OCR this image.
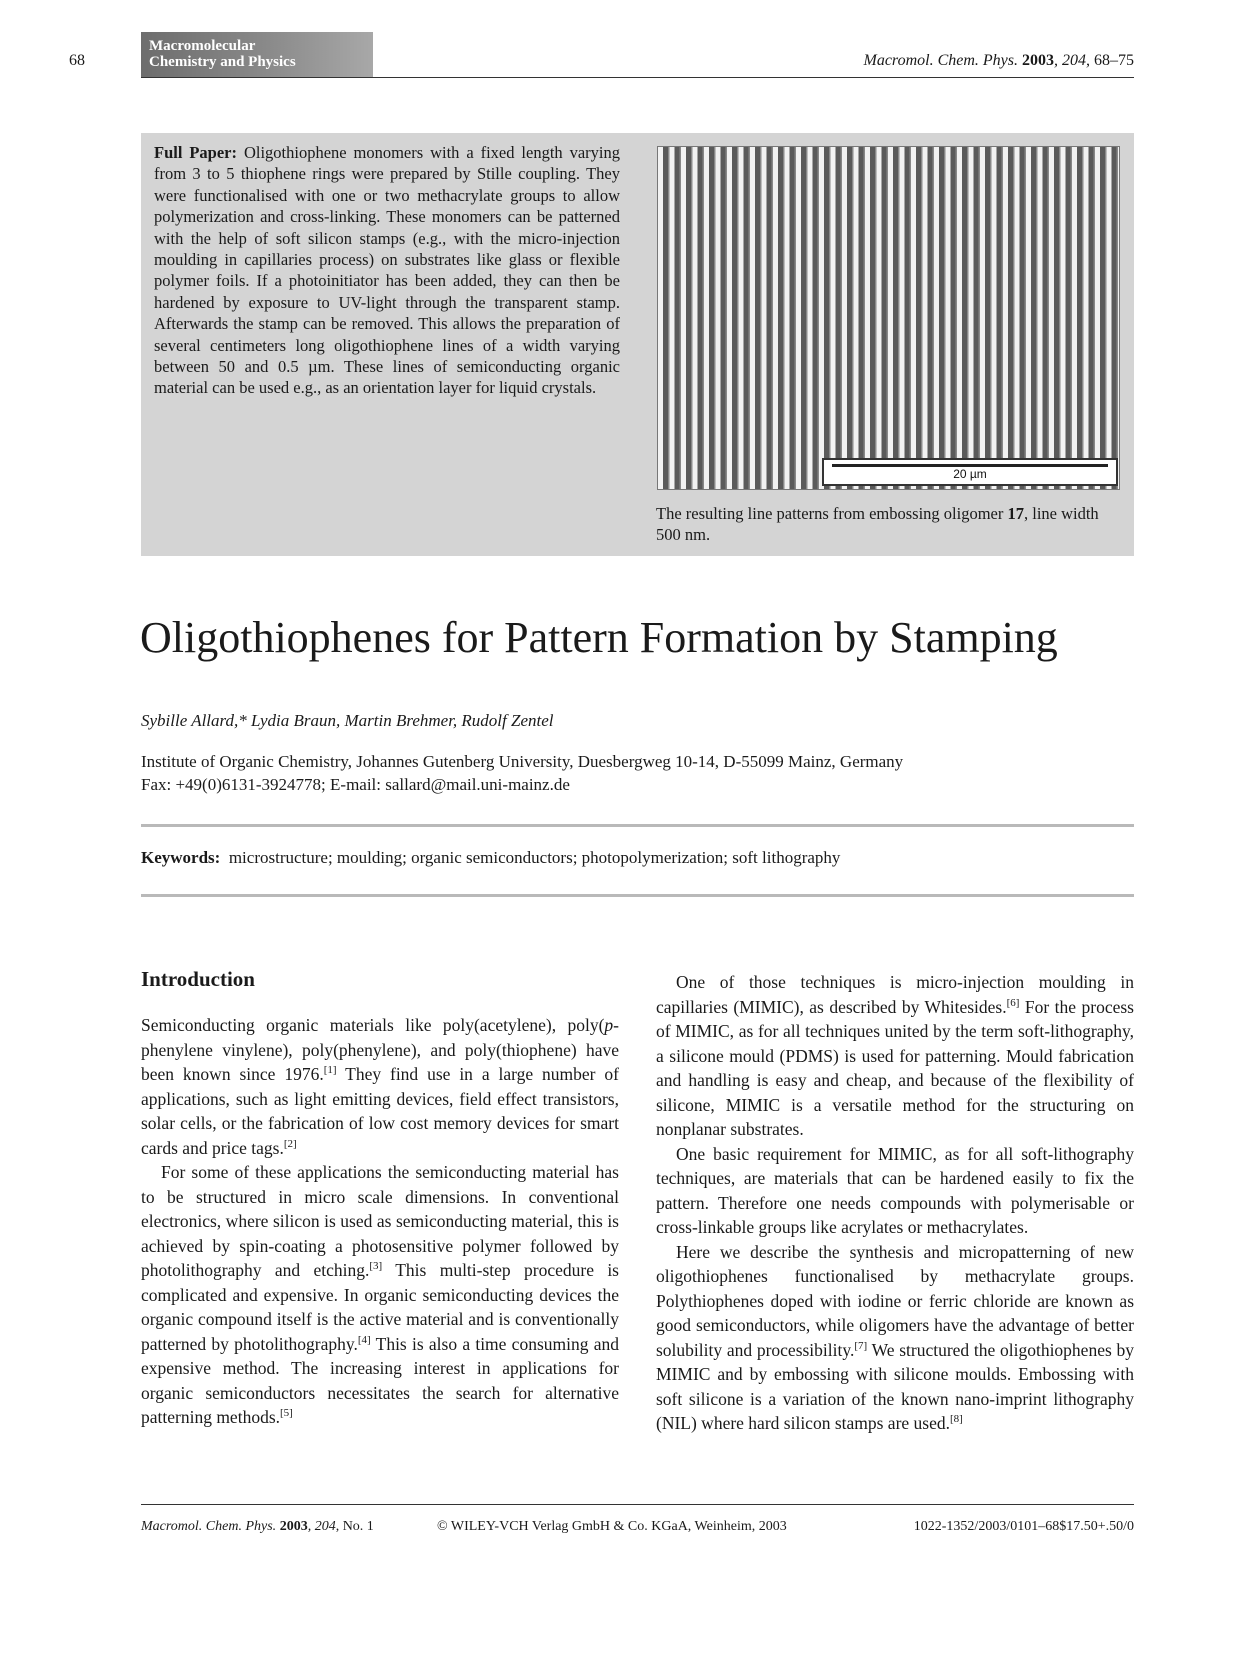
68
Macromolecular
Chemistry and Physics	Macromol. Chem. Phys. 2003, 204, 68–75
Full Paper: Oligothiophene monomers with a fixed length varying from 3 to 5 thiophene rings were prepared by Stille coupling. They were functionalised with one or two methacrylate groups to allow polymerization and cross-linking. These monomers can be patterned with the help of soft silicon stamps (e.g., with the micro-injection moulding in capillaries process) on substrates like glass or flexible polymer foils. If a photoinitiator has been added, they can then be hardened by exposure to UV-light through the transparent stamp. Afterwards the stamp can be removed. This allows the preparation of several centimeters long oligothiophene lines of a width varying between 50 and 0.5 µm. These lines of semiconducting organic material can be used e.g., as an orientation layer for liquid crystals.
20 µm
The resulting line patterns from embossing oligomer 17, line width 500 nm.
Oligothiophenes for Pattern Formation by Stamping
Sybille Allard,* Lydia Braun, Martin Brehmer, Rudolf Zentel
Institute of Organic Chemistry, Johannes Gutenberg University, Duesbergweg 10-14, D-55099 Mainz, Germany
Fax: +49(0)6131-3924778; E-mail: sallard@mail.uni-mainz.de
Keywords: microstructure; moulding; organic semiconductors; photopolymerization; soft lithography
Introduction

Semiconducting organic materials like poly(acetylene), poly(p-phenylene vinylene), poly(phenylene), and poly(thiophene) have been known since 1976.[1] They find use in a large number of applications, such as light emitting devices, field effect transistors, solar cells, or the fabrication of low cost memory devices for smart cards and price tags.[2]

For some of these applications the semiconducting material has to be structured in micro scale dimensions. In conventional electronics, where silicon is used as semiconducting material, this is achieved by spin-coating a photosensitive polymer followed by photolithography and etching.[3] This multi-step procedure is complicated and expensive. In organic semiconducting devices the organic compound itself is the active material and is conventionally patterned by photolithography.[4] This is also a time consuming and expensive method. The increasing interest in applications for organic semiconductors necessitates the search for alternative patterning methods.[5]

One of those techniques is micro-injection moulding in capillaries (MIMIC), as described by Whitesides.[6] For the process of MIMIC, as for all techniques united by the term soft-lithography, a silicone mould (PDMS) is used for patterning. Mould fabrication and handling is easy and cheap, and because of the flexibility of silicone, MIMIC is a versatile method for the structuring on nonplanar substrates.

One basic requirement for MIMIC, as for all soft-lithography techniques, are materials that can be hardened easily to fix the pattern. Therefore one needs compounds with polymerisable or cross-linkable groups like acrylates or methacrylates.

Here we describe the synthesis and micropatterning of new oligothiophenes functionalised by methacrylate groups. Polythiophenes doped with iodine or ferric chloride are known as good semiconductors, while oligomers have the advantage of better solubility and processibility.[7] We structured the oligothiophenes by MIMIC and by embossing with silicone moulds. Embossing with soft silicone is a variation of the known nano-imprint lithography (NIL) where hard silicon stamps are used.[8]

Macromol. Chem. Phys. 2003, 204, No. 1	© WILEY-VCH Verlag GmbH & Co. KGaA, Weinheim, 2003	1022-1352/2003/0101–68$17.50+.50/0
